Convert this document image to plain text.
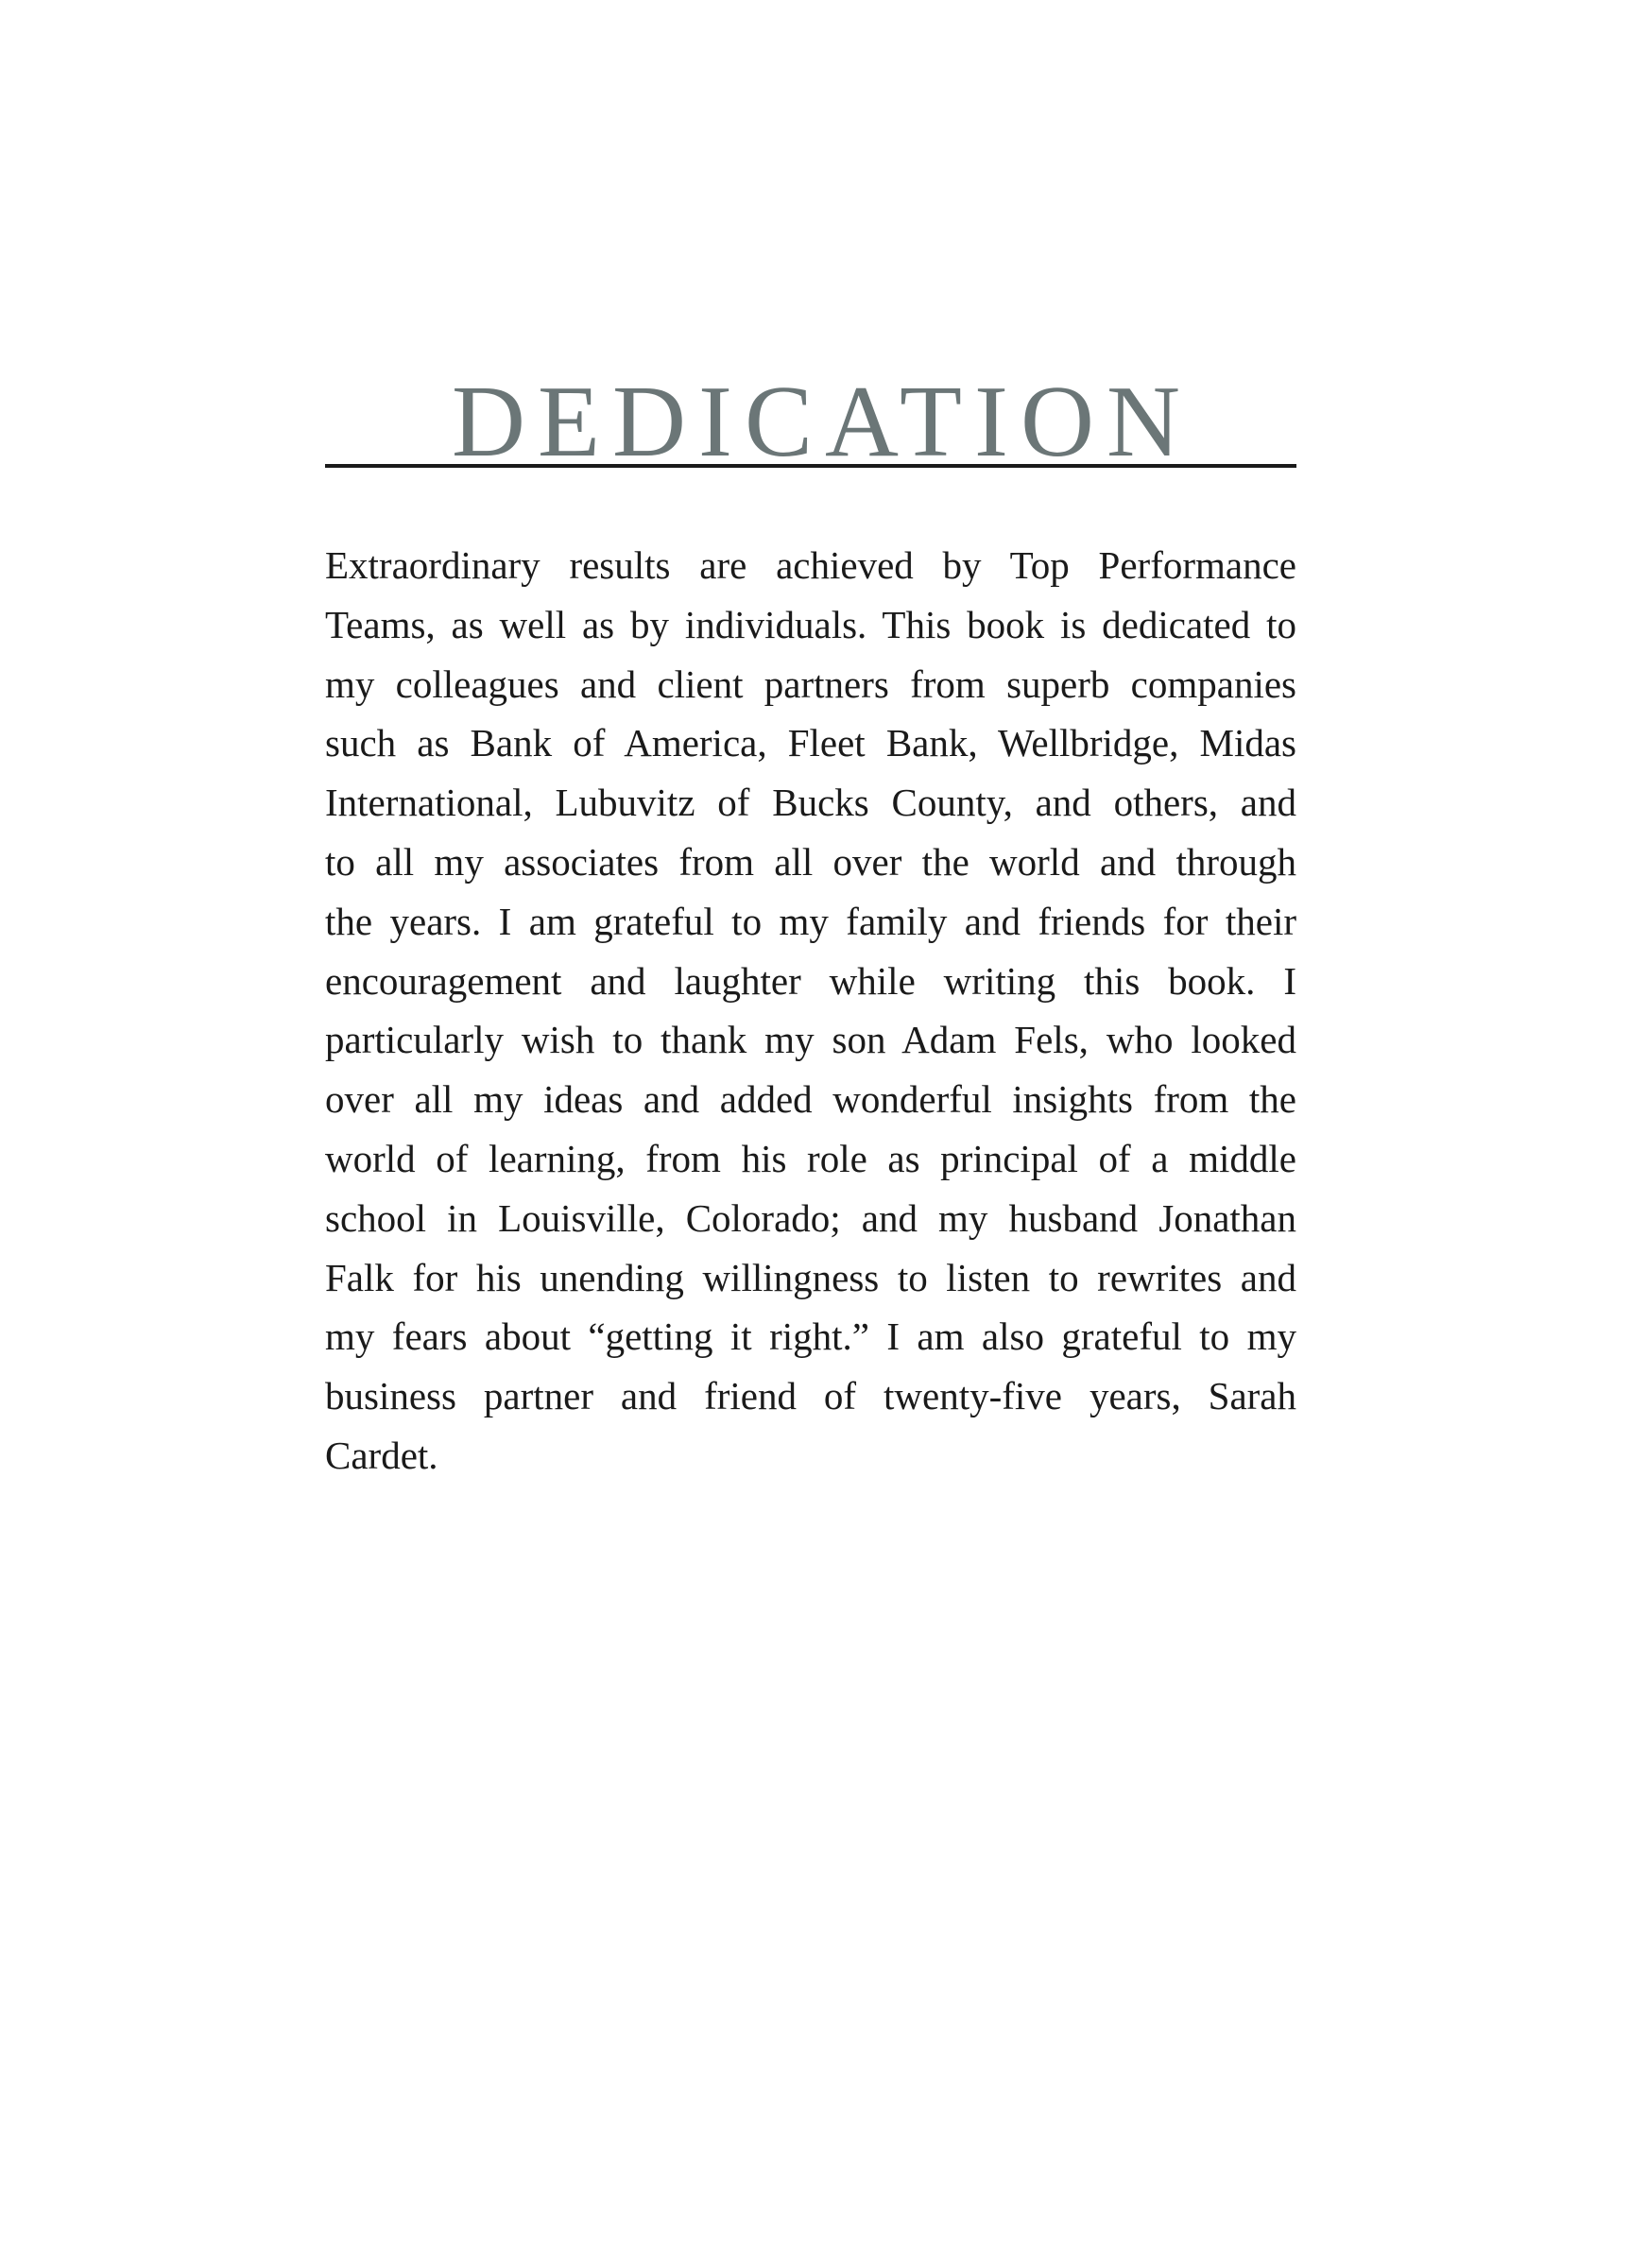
DEDICATION
Extraordinary results are achieved by Top Performance
Teams, as well as by individuals. This book is dedicated to
my colleagues and client partners from superb companies
such as Bank of America, Fleet Bank, Wellbridge, Midas
International, Lubuvitz of Bucks County, and others, and
to all my associates from all over the world and through
the years. I am grateful to my family and friends for their
encouragement and laughter while writing this book. I
particularly wish to thank my son Adam Fels, who looked
over all my ideas and added wonderful insights from the
world of learning, from his role as principal of a middle
school in Louisville, Colorado; and my husband Jonathan
Falk for his unending willingness to listen to rewrites and
my fears about “getting it right.” I am also grateful to my
business partner and friend of twenty-five years, Sarah
Cardet.
